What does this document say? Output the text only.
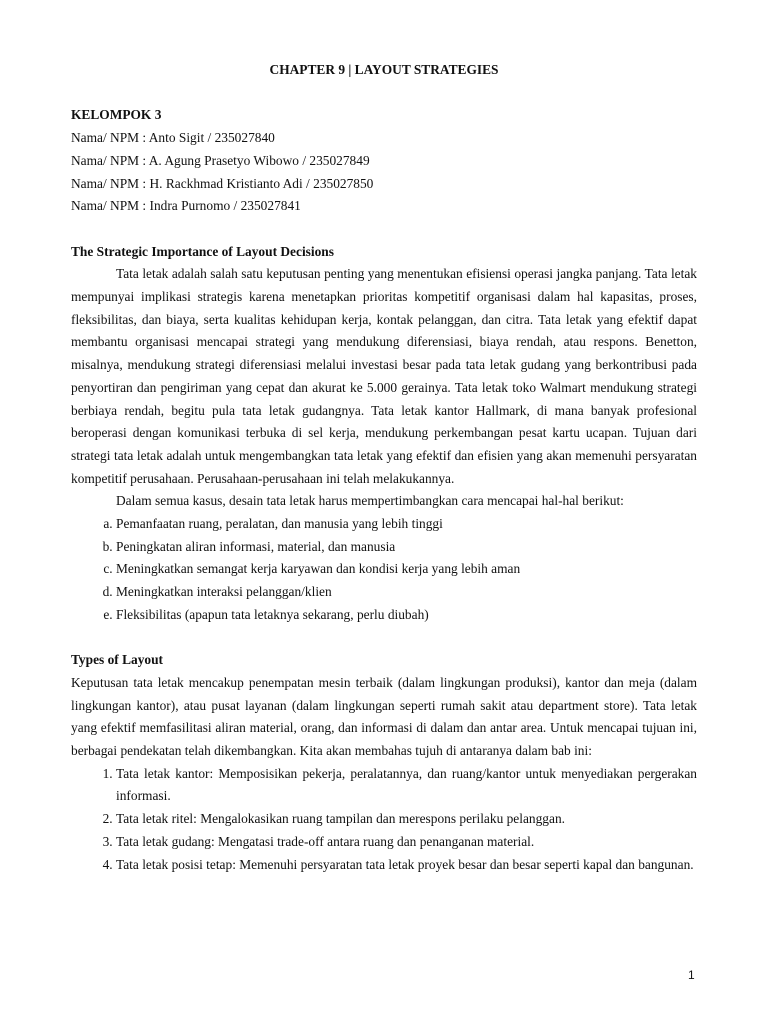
CHAPTER 9 | LAYOUT STRATEGIES

KELOMPOK 3

Nama/ NPM : Anto Sigit / 235027840

Nama/ NPM : A. Agung Prasetyo Wibowo / 235027849

Nama/ NPM : H. Rackhmad Kristianto Adi / 235027850

Nama/ NPM : Indra Purnomo / 235027841

The Strategic Importance of Layout Decisions

Tata letak adalah salah satu keputusan penting yang menentukan efisiensi operasi jangka panjang. Tata letak mempunyai implikasi strategis karena menetapkan prioritas kompetitif organisasi dalam hal kapasitas, proses, fleksibilitas, dan biaya, serta kualitas kehidupan kerja, kontak pelanggan, dan citra. Tata letak yang efektif dapat membantu organisasi mencapai strategi yang mendukung diferensiasi, biaya rendah, atau respons. Benetton, misalnya, mendukung strategi diferensiasi melalui investasi besar pada tata letak gudang yang berkontribusi pada penyortiran dan pengiriman yang cepat dan akurat ke 5.000 gerainya. Tata letak toko Walmart mendukung strategi berbiaya rendah, begitu pula tata letak gudangnya. Tata letak kantor Hallmark, di mana banyak profesional beroperasi dengan komunikasi terbuka di sel kerja, mendukung perkembangan pesat kartu ucapan. Tujuan dari strategi tata letak adalah untuk mengembangkan tata letak yang efektif dan efisien yang akan memenuhi persyaratan kompetitif perusahaan. Perusahaan-perusahaan ini telah melakukannya.

Dalam semua kasus, desain tata letak harus mempertimbangkan cara mencapai hal-hal berikut:

a. Pemanfaatan ruang, peralatan, dan manusia yang lebih tinggi
b. Peningkatan aliran informasi, material, dan manusia
c. Meningkatkan semangat kerja karyawan dan kondisi kerja yang lebih aman
d. Meningkatkan interaksi pelanggan/klien
e. Fleksibilitas (apapun tata letaknya sekarang, perlu diubah)

Types of Layout

Keputusan tata letak mencakup penempatan mesin terbaik (dalam lingkungan produksi), kantor dan meja (dalam lingkungan kantor), atau pusat layanan (dalam lingkungan seperti rumah sakit atau department store). Tata letak yang efektif memfasilitasi aliran material, orang, dan informasi di dalam dan antar area. Untuk mencapai tujuan ini, berbagai pendekatan telah dikembangkan. Kita akan membahas tujuh di antaranya dalam bab ini:

1. Tata letak kantor: Memposisikan pekerja, peralatannya, dan ruang/kantor untuk menyediakan pergerakan informasi.
2. Tata letak ritel: Mengalokasikan ruang tampilan dan merespons perilaku pelanggan.
3. Tata letak gudang: Mengatasi trade-off antara ruang dan penanganan material.
4. Tata letak posisi tetap: Memenuhi persyaratan tata letak proyek besar dan besar seperti kapal dan bangunan.
1
